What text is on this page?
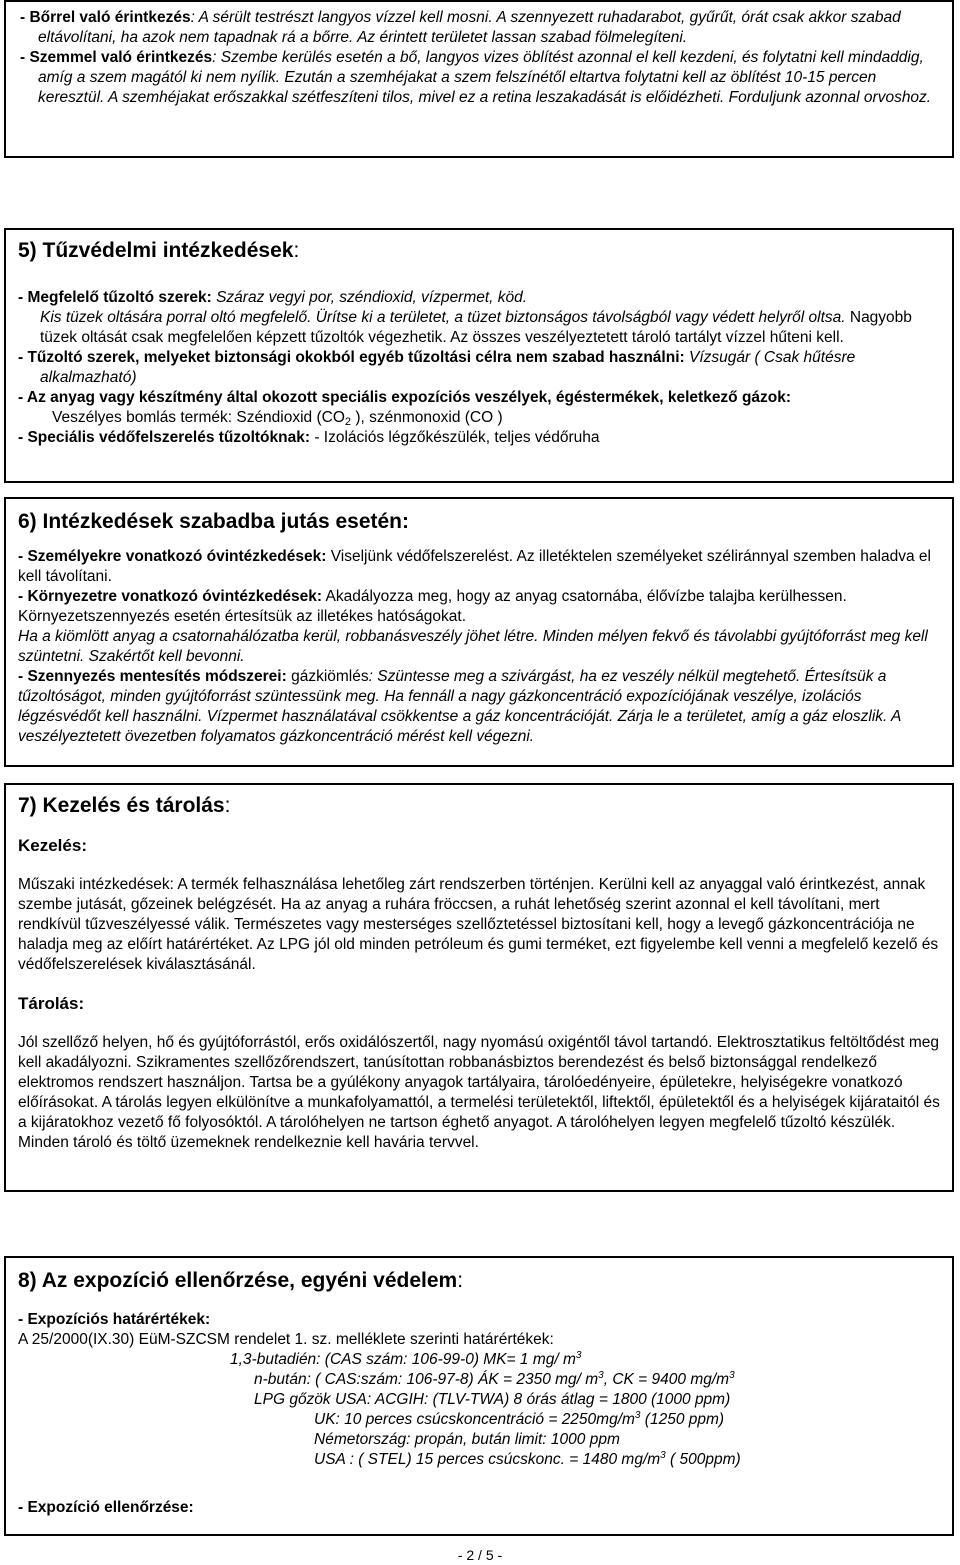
- Bőrrel való érintkezés: A sérült testrészt langyos vízzel kell mosni. A szennyezett ruhadarabot, gyűrűt, órát csak akkor szabad eltávolítani, ha azok nem tapadnak rá a bőrre. Az érintett területet lassan szabad fölmelegíteni.

- Szemmel való érintkezés: Szembe kerülés esetén a bő, langyos vizes öblítést azonnal el kell kezdeni, és folytatni kell mindaddig, amíg a szem magától ki nem nyílik. Ezután a szemhéjakat a szem felszínétől eltartva folytatni kell az öblítést 10-15 percen keresztül. A szemhéjakat erőszakkal szétfeszíteni tilos, mivel ez a retina leszakadását is előidézheti. Forduljunk azonnal orvoshoz.

5) Tűzvédelmi intézkedések:

- Megfelelő tűzoltó szerek: Száraz vegyi por, széndioxid, vízpermet, köd.

Kis tüzek oltására porral oltó megfelelő. Ürítse ki a területet, a tüzet biztonságos távolságból vagy védett helyről oltsa. Nagyobb tüzek oltását csak megfelelően képzett tűzoltók végezhetik. Az összes veszélyeztetett tároló tartályt vízzel hűteni kell.

- Tűzoltó szerek, melyeket biztonsági okokból egyéb tűzoltási célra nem szabad használni: Vízsugár ( Csak hűtésre alkalmazható)

- Az anyag vagy készítmény által okozott speciális expozíciós veszélyek, égéstermékek, keletkező gázok:

Veszélyes bomlás termék: Széndioxid ($CO_2$ ), szénmonoxid (CO )

- Speciális védőfelszerelés tűzoltóknak: - Izolációs légzőkészülék, teljes védőruha

6) Intézkedések szabadba jutás esetén:

- Személyekre vonatkozó óvintézkedések: Viseljünk védőfelszerelést. Az illetéktelen személyeket széliránnyal szemben haladva el kell távolítani.

- Környezetre vonatkozó óvintézkedések: Akadályozza meg, hogy az anyag csatornába, élővízbe talajba kerülhessen. Környezetszennyezés esetén értesítsük az illetékes hatóságokat.

Ha a kiömlött anyag a csatornahálózatba kerül, robbanásveszély jöhet létre. Minden mélyen fekvő és távolabbi gyújtóforrást meg kell szüntetni. Szakértőt kell bevonni.

- Szennyezés mentesítés módszerei: gázkiömlés: Szüntesse meg a szivárgást, ha ez veszély nélkül megtehető. Értesítsük a tűzoltóságot, minden gyújtóforrást szüntessünk meg. Ha fennáll a nagy gázkoncentráció expozíciójának veszélye, izolációs légzésvédőt kell használni. Vízpermet használatával csökkentse a gáz koncentrációját. Zárja le a területet, amíg a gáz eloszlik. A veszélyeztetett övezetben folyamatos gázkoncentráció mérést kell végezni.

7) Kezelés és tárolás:
Kezelés:

Műszaki intézkedések: A termék felhasználása lehetőleg zárt rendszerben történjen. Kerülni kell az anyaggal való érintkezést, annak szembe jutását, gőzeinek belégzését. Ha az anyag a ruhára fröccsen, a ruhát lehetőség szerint azonnal el kell távolítani, mert rendkívül tűzveszélyessé válik. Természetes vagy mesterséges szellőztetéssel biztosítani kell, hogy a levegő gázkoncentrációja ne haladja meg az előírt határértéket. Az LPG jól old minden petróleum és gumi terméket, ezt figyelembe kell venni a megfelelő kezelő és védőfelszerelések kiválasztásánál.

Tárolás:

Jól szellőző helyen, hő és gyújtóforrástól, erős oxidálószertől, nagy nyomású oxigéntől távol tartandó. Elektrosztatikus feltöltődést meg kell akadályozni. Szikramentes szellőzőrendszert, tanúsítottan robbanásbiztos berendezést és belső biztonsággal rendelkező elektromos rendszert használjon. Tartsa be a gyúlékony anyagok tartályaira, tárolóedényeire, épületekre, helyiségekre vonatkozó előírásokat. A tárolás legyen elkülönítve a munkafolyamattól, a termelési területektől, liftektől, épületektől és a helyiségek kijárataitól és a kijáratokhoz vezető fő folyosóktól. A tárolóhelyen ne tartson éghető anyagot. A tárolóhelyen legyen megfelelő tűzoltó készülék. Minden tároló és töltő üzemeknek rendelkeznie kell havária tervvel.

8) Az expozíció ellenőrzése, egyéni védelem:

- Expozíciós határértékek:

A 25/2000(IX.30) EüM-SZCSM rendelet 1. sz. melléklete szerinti határértékek:

1,3-butadién: (CAS szám: 106-99-0) MK= 1 mg/ $m^3$

n-bután: ( CAS:szám: 106-97-8) ÁK = 2350 mg/ $m^3$, CK = 9400 $mg/m^3$

LPG gőzök USA: ACGIH: (TLV-TWA) 8 órás átlag = 1800 (1000 ppm)

UK: 10 perces csúcskoncentráció = $2250mg/m^3$ (1250 ppm)

Németország: propán, bután limit: 1000 ppm

USA : ( STEL) 15 perces csúcskonc. = 1480 $mg/m^3$ ( 500ppm)

- Expozíció ellenőrzése:

- 2 / 5 -
